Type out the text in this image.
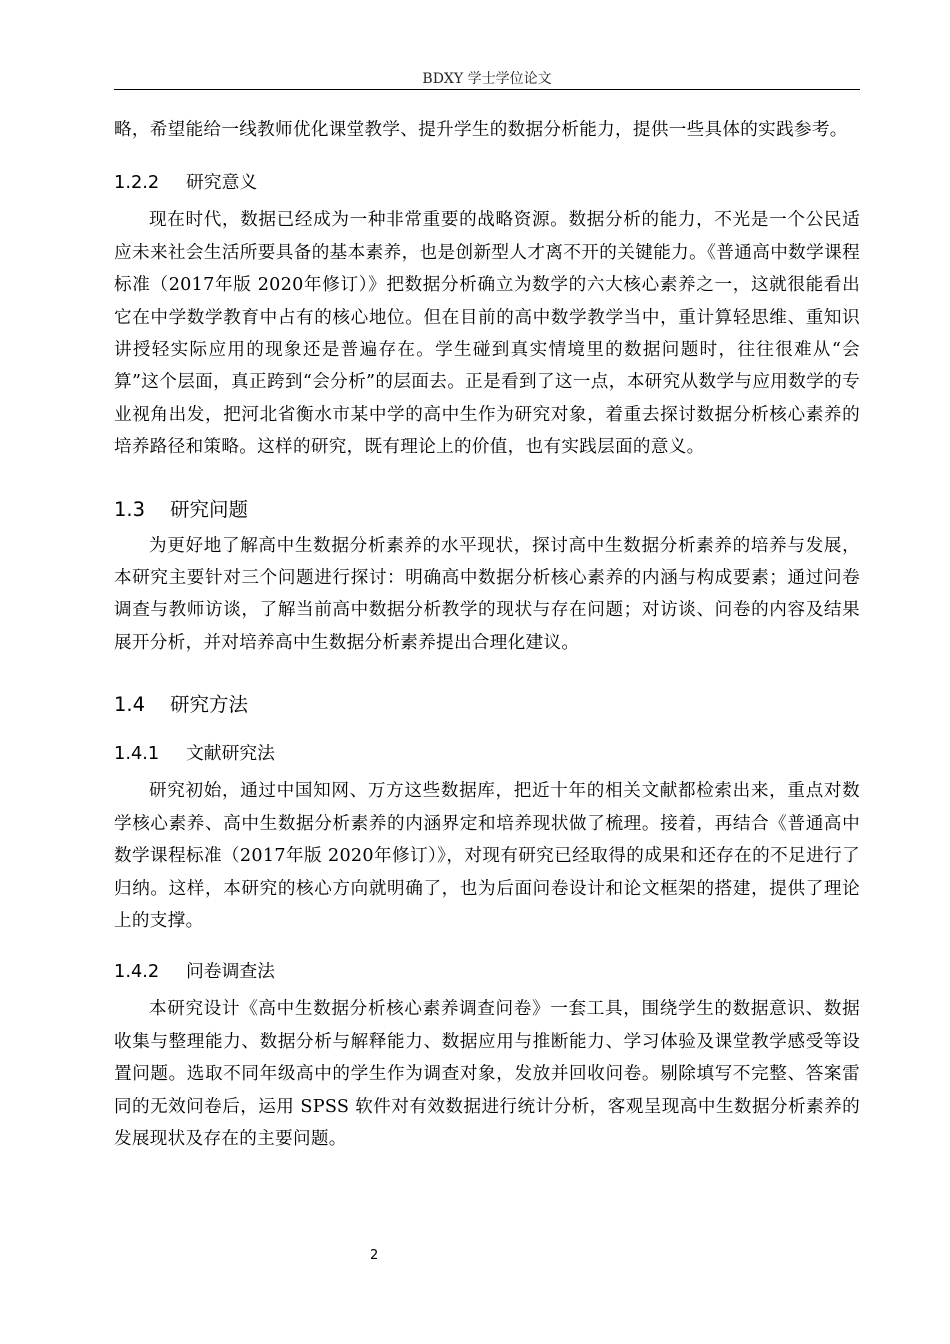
BDXY 学士学位论文

略，希望能给一线教师优化课堂教学、提升学生的数据分析能力，提供一些具体的实践参考。

1.2.2 研究意义

现在时代，数据已经成为一种非常重要的战略资源。数据分析的能力，不光是一个公民适应未来社会生活所要具备的基本素养，也是创新型人才离不开的关键能力。《普通高中数学课程标准（2017年版 2020年修订）》把数据分析确立为数学的六大核心素养之一，这就很能看出它在中学数学教育中占有的核心地位。但在目前的高中数学教学当中，重计算轻思维、重知识讲授轻实际应用的现象还是普遍存在。学生碰到真实情境里的数据问题时，往往很难从“会算”这个层面，真正跨到“会分析”的层面去。正是看到了这一点，本研究从数学与应用数学的专业视角出发，把河北省衡水市某中学的高中生作为研究对象，着重去探讨数据分析核心素养的培养路径和策略。这样的研究，既有理论上的价值，也有实践层面的意义。

1.3 研究问题

为更好地了解高中生数据分析素养的水平现状，探讨高中生数据分析素养的培养与发展，本研究主要针对三个问题进行探讨：明确高中数据分析核心素养的内涵与构成要素；通过问卷调查与教师访谈，了解当前高中数据分析教学的现状与存在问题；对访谈、问卷的内容及结果展开分析，并对培养高中生数据分析素养提出合理化建议。

1.4 研究方法
1.4.1 文献研究法

研究初始，通过中国知网、万方这些数据库，把近十年的相关文献都检索出来，重点对数学核心素养、高中生数据分析素养的内涵界定和培养现状做了梳理。接着，再结合《普通高中数学课程标准（2017年版 2020年修订）》，对现有研究已经取得的成果和还存在的不足进行了归纳。这样，本研究的核心方向就明确了，也为后面问卷设计和论文框架的搭建，提供了理论上的支撑。

1.4.2 问卷调查法

本研究设计《高中生数据分析核心素养调查问卷》一套工具，围绕学生的数据意识、数据收集与整理能力、数据分析与解释能力、数据应用与推断能力、学习体验及课堂教学感受等设置问题。选取不同年级高中的学生作为调查对象，发放并回收问卷。剔除填写不完整、答案雷同的无效问卷后，运用 SPSS 软件对有效数据进行统计分析，客观呈现高中生数据分析素养的发展现状及存在的主要问题。

2
